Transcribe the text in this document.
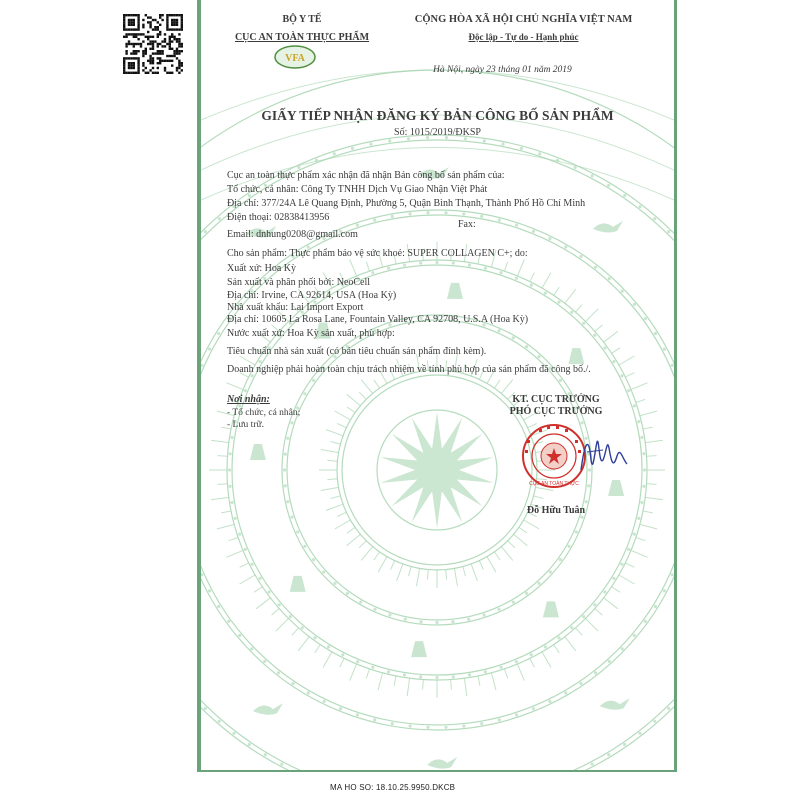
BỘ Y TẾ
CỤC AN TOÀN THỰC PHẨM
VFA
CỘNG HÒA XÃ HỘI CHỦ NGHĨA VIỆT NAM
Độc lập - Tự do - Hạnh phúc
Hà Nội, ngày 23 tháng 01 năm 2019
GIẤY TIẾP NHẬN ĐĂNG KÝ BẢN CÔNG BỐ SẢN PHẨM
Số: 1015/2019/ĐKSP
Cục an toàn thực phẩm xác nhận đã nhận Bản công bố sản phẩm của:
Tổ chức, cá nhân: Công Ty TNHH Dịch Vụ Giao Nhận Việt Phát
Địa chỉ: 377/24A Lê Quang Định, Phường 5, Quận Bình Thạnh, Thành Phố Hồ Chí Minh
Điện thoại: 02838413956
Fax:
Email: dnhung0208@gmail.com
Cho sản phẩm: Thực phẩm bảo vệ sức khoẻ: SUPER COLLAGEN C+; do:
Xuất xứ: Hoa Kỳ
Sản xuất và phân phối bởi: NeoCell
Địa chỉ: Irvine, CA 92614, USA (Hoa Kỳ)
Nhà xuất khẩu: Lai Import Export
Địa chỉ: 10605 La Rosa Lane, Fountain Valley, CA 92708, U.S.A (Hoa Kỳ)
Nước xuất xứ: Hoa Kỳ sản xuất, phù hợp:
Tiêu chuẩn nhà sản xuất (có bản tiêu chuẩn sản phẩm đính kèm).
Doanh nghiệp phải hoàn toàn chịu trách nhiệm về tính phù hợp của sản phẩm đã công bố./.
Nơi nhận:
- Tổ chức, cá nhân;
- Lưu trữ.
KT. CỤC TRƯỞNG
PHÓ CỤC TRƯỞNG
CỤC AN TOÀN THỰC
Đỗ Hữu Tuân
MA HO SO: 18.10.25.9950.DKCB
